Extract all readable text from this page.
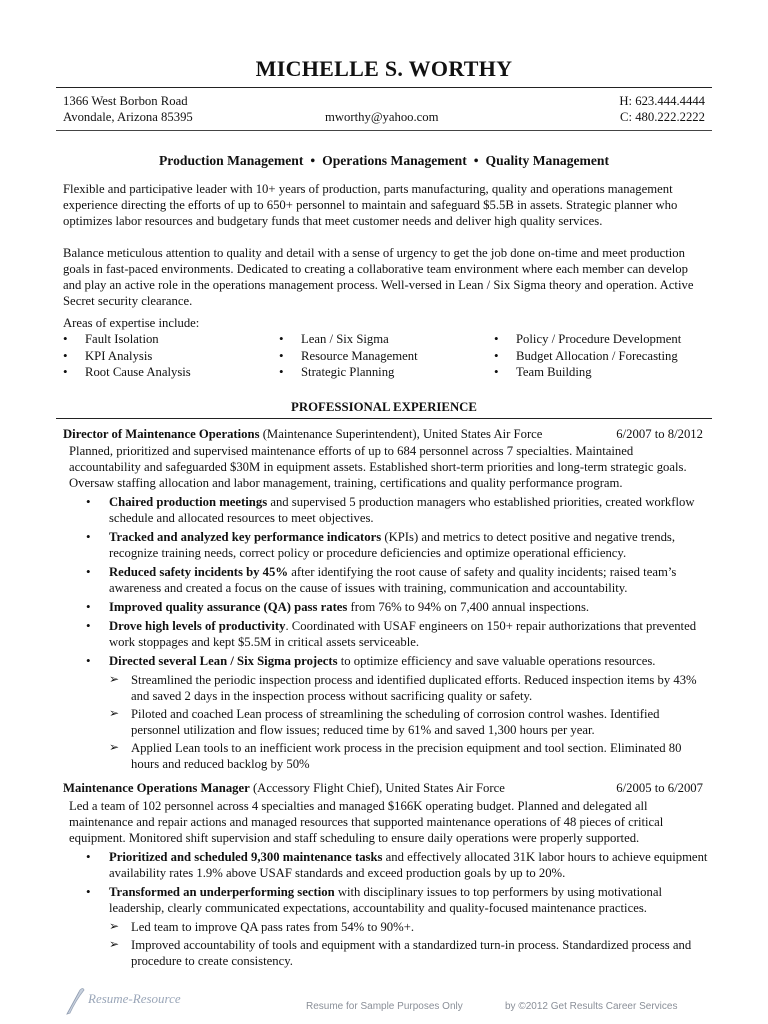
MICHELLE S. WORTHY
1366 West Borbon Road
Avondale, Arizona 85395	mworthy@yahoo.com
H: 623.444.4444
C: 480.222.2222
Production Management • Operations Management • Quality Management

Flexible and participative leader with 10+ years of production, parts manufacturing, quality and operations management experience directing the efforts of up to 650+ personnel to maintain and safeguard $5.5B in assets. Strategic planner who optimizes labor resources and budgetary funds that meet customer needs and deliver high quality services.

Balance meticulous attention to quality and detail with a sense of urgency to get the job done on-time and meet production goals in fast-paced environments. Dedicated to creating a collaborative team environment where each member can develop and play an active role in the operations management process. Well-versed in Lean / Six Sigma theory and operation. Active Secret security clearance.

Areas of expertise include:
• Fault Isolation
• KPI Analysis
• Root Cause Analysis
• Lean / Six Sigma
• Resource Management
• Strategic Planning
• Policy / Procedure Development
• Budget Allocation / Forecasting
• Team Building
PROFESSIONAL EXPERIENCE
Director of Maintenance Operations (Maintenance Superintendent), United States Air Force	6/2007 to 8/2012
Planned, prioritized and supervised maintenance efforts of up to 684 personnel across 7 specialties. Maintained accountability and safeguarded $30M in equipment assets. Established short-term priorities and long-term strategic goals. Oversaw staffing allocation and labor management, training, certifications and quality performance program.
• Chaired production meetings and supervised 5 production managers who established priorities, created workflow schedule and allocated resources to meet objectives.
• Tracked and analyzed key performance indicators (KPIs) and metrics to detect positive and negative trends, recognize training needs, correct policy or procedure deficiencies and optimize operational efficiency.
• Reduced safety incidents by 45% after identifying the root cause of safety and quality incidents; raised team’s awareness and created a focus on the cause of issues with training, communication and accountability.
• Improved quality assurance (QA) pass rates from 76% to 94% on 7,400 annual inspections.
• Drove high levels of productivity. Coordinated with USAF engineers on 150+ repair authorizations that prevented work stoppages and kept $5.5M in critical assets serviceable.
• Directed several Lean / Six Sigma projects to optimize efficiency and save valuable operations resources.
➢ Streamlined the periodic inspection process and identified duplicated efforts. Reduced inspection items by 43% and saved 2 days in the inspection process without sacrificing quality or safety.
➢ Piloted and coached Lean process of streamlining the scheduling of corrosion control washes. Identified personnel utilization and flow issues; reduced time by 61% and saved 1,300 hours per year.
➢ Applied Lean tools to an inefficient work process in the precision equipment and tool section. Eliminated 80 hours and reduced backlog by 50%
Maintenance Operations Manager (Accessory Flight Chief), United States Air Force	6/2005 to 6/2007
Led a team of 102 personnel across 4 specialties and managed $166K operating budget. Planned and delegated all maintenance and repair actions and managed resources that supported maintenance operations of 48 pieces of critical equipment. Monitored shift supervision and staff scheduling to ensure daily operations were properly supported.
• Prioritized and scheduled 9,300 maintenance tasks and effectively allocated 31K labor hours to achieve equipment availability rates 1.9% above USAF standards and exceed production goals by up to 20%.
• Transformed an underperforming section with disciplinary issues to top performers by using motivational leadership, clearly communicated expectations, accountability and quality-focused maintenance practices.
➢ Led team to improve QA pass rates from 54% to 90%+.
➢ Improved accountability of tools and equipment with a standardized turn-in process. Standardized process and procedure to create consistency.
Resume-Resource
Resume for Sample Purposes Only	by ©2012 Get Results Career Services
